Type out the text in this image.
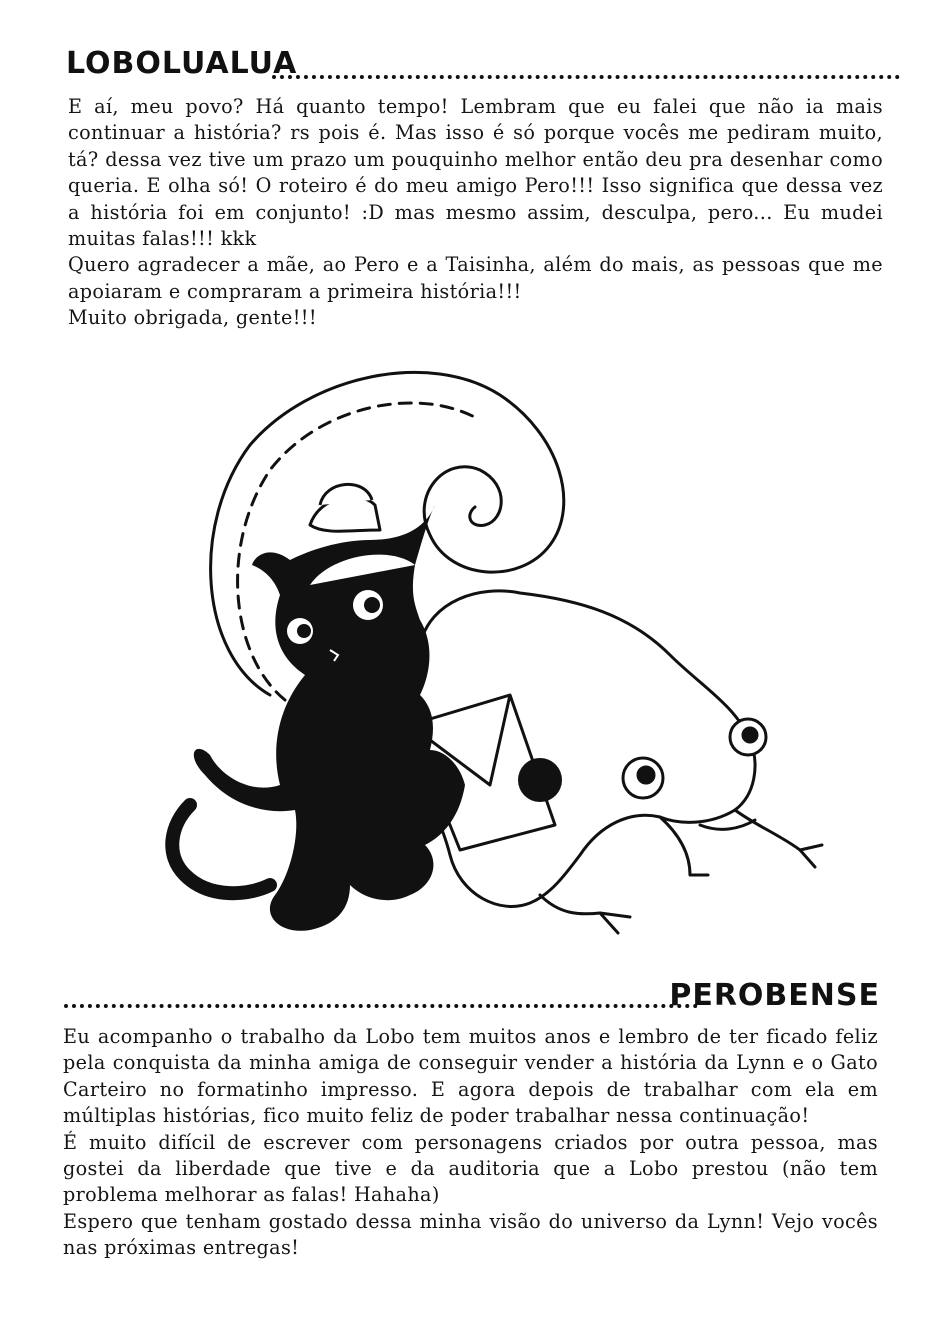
LOBOLUALUA

E aí, meu povo? Há quanto tempo! Lembram que eu falei que não ia mais continuar a história? rs pois é. Mas isso é só porque vocês me pediram muito, tá? dessa vez tive um prazo um pouquinho melhor então deu pra desenhar como queria. E olha só! O roteiro é do meu amigo Pero!!! Isso significa que dessa vez a história foi em conjunto! :D mas mesmo assim, desculpa, pero... Eu mudei muitas falas!!! kkk

Quero agradecer a mãe, ao Pero e a Taisinha, além do mais, as pessoas que me apoiaram e compraram a primeira história!!!

Muito obrigada, gente!!!

PEROBENSE

Eu acompanho o trabalho da Lobo tem muitos anos e lembro de ter ficado feliz pela conquista da minha amiga de conseguir vender a história da Lynn e o Gato Carteiro no formatinho impresso. E agora depois de trabalhar com ela em múltiplas histórias, fico muito feliz de poder trabalhar nessa continuação!

É muito difícil de escrever com personagens criados por outra pessoa, mas gostei da liberdade que tive e da auditoria que a Lobo prestou (não tem problema melhorar as falas! Hahaha)

Espero que tenham gostado dessa minha visão do universo da Lynn! Vejo vocês nas próximas entregas!
